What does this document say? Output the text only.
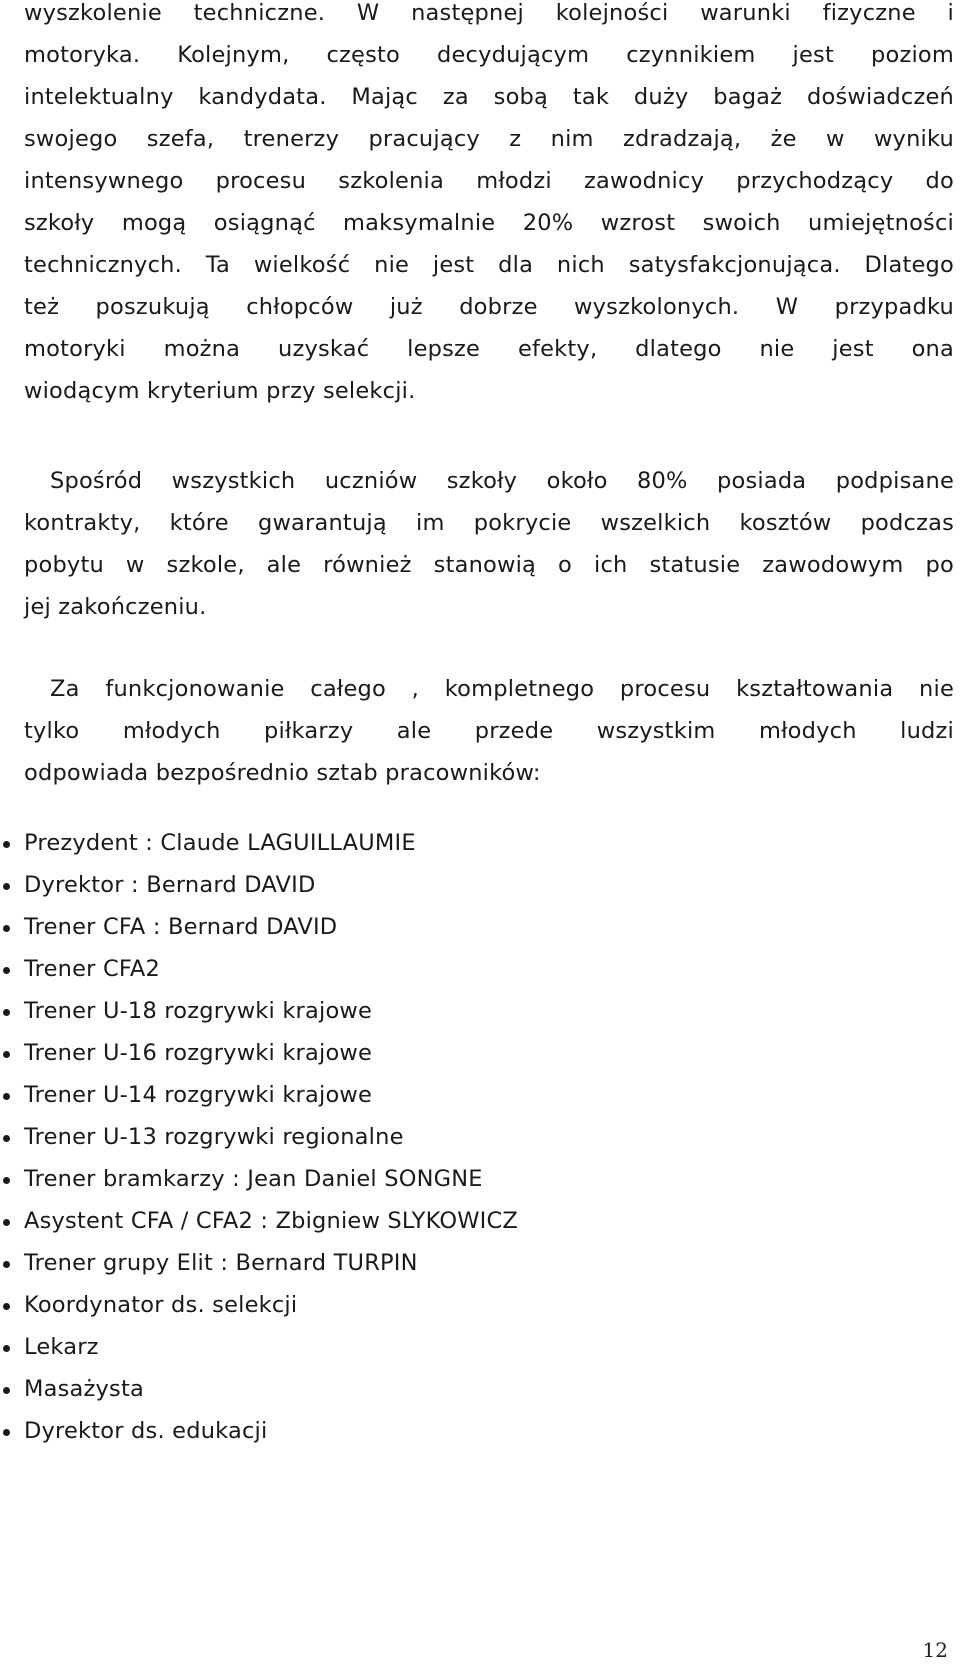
wyszkolenie techniczne. W następnej kolejności warunki fizyczne i
motoryka. Kolejnym, często decydującym czynnikiem jest poziom
intelektualny kandydata. Mając za sobą tak duży bagaż doświadczeń
swojego szefa, trenerzy pracujący z nim zdradzają, że w wyniku
intensywnego procesu szkolenia młodzi zawodnicy przychodzący do
szkoły mogą osiągnąć maksymalnie 20% wzrost swoich umiejętności
technicznych. Ta wielkość nie jest dla nich satysfakcjonująca. Dlatego
też poszukują chłopców już dobrze wyszkolonych. W przypadku
motoryki można uzyskać lepsze efekty, dlatego nie jest ona
wiodącym kryterium przy selekcji.
Spośród wszystkich uczniów szkoły około 80% posiada podpisane
kontrakty, które gwarantują im pokrycie wszelkich kosztów podczas
pobytu w szkole, ale również stanowią o ich statusie zawodowym po
jej zakończeniu.
Za funkcjonowanie całego , kompletnego procesu kształtowania nie
tylko młodych piłkarzy ale przede wszystkim młodych ludzi
odpowiada bezpośrednio sztab pracowników:
Prezydent : Claude LAGUILLAUMIE
Dyrektor : Bernard DAVID
Trener CFA : Bernard DAVID
Trener CFA2
Trener U-18 rozgrywki krajowe
Trener U-16 rozgrywki krajowe
Trener U-14 rozgrywki krajowe
Trener U-13 rozgrywki regionalne
Trener bramkarzy : Jean Daniel SONGNE
Asystent CFA / CFA2 : Zbigniew SLYKOWICZ
Trener grupy Elit : Bernard TURPIN
Koordynator ds. selekcji
Lekarz
Masażysta
Dyrektor ds. edukacji
12
